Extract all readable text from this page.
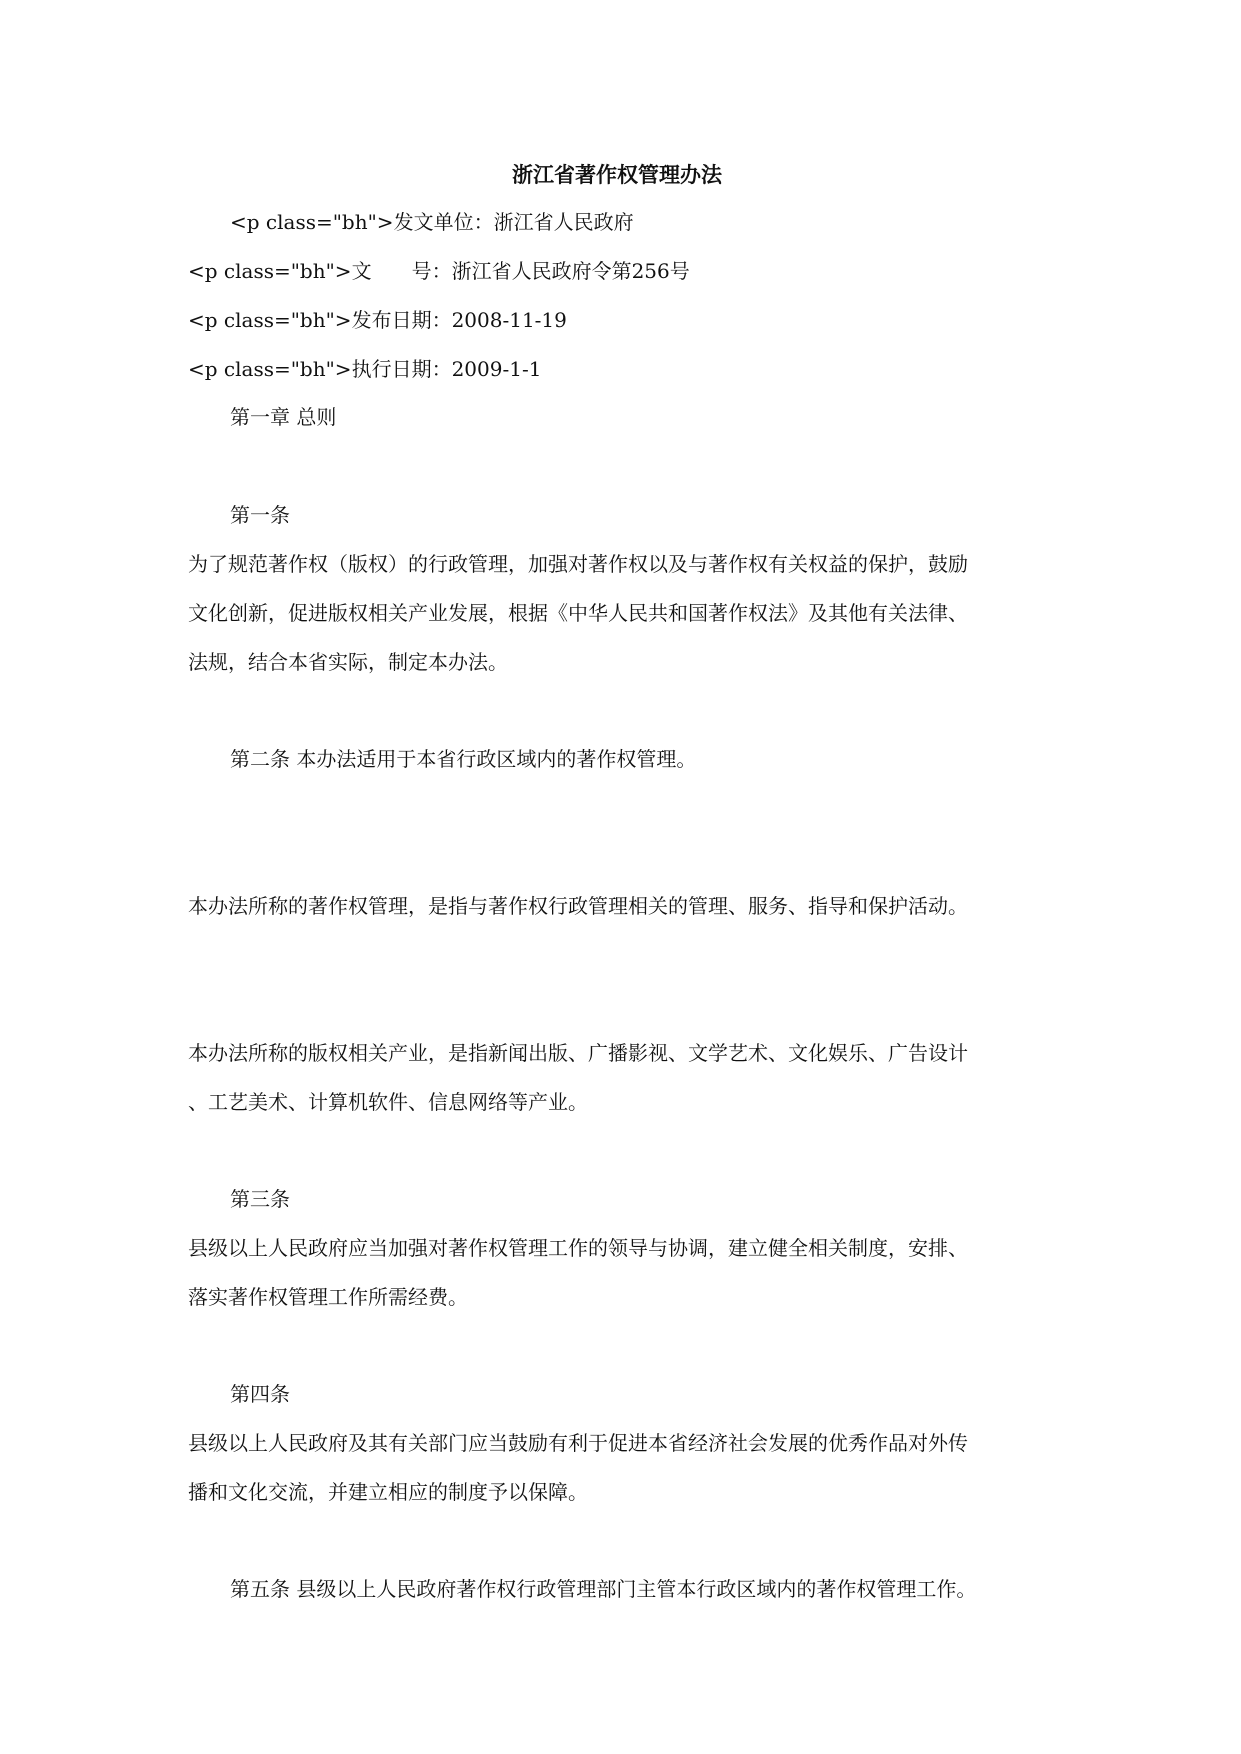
浙江省著作权管理办法
<p class="bh">发文单位：浙江省人民政府
<p class="bh">文　　号：浙江省人民政府令第256号
<p class="bh">发布日期：2008-11-19
<p class="bh">执行日期：2009-1-1
第一章 总则
第一条
为了规范著作权（版权）的行政管理，加强对著作权以及与著作权有关权益的保护，鼓励
文化创新，促进版权相关产业发展，根据《中华人民共和国著作权法》及其他有关法律、
法规，结合本省实际，制定本办法。
第二条 本办法适用于本省行政区域内的著作权管理。
本办法所称的著作权管理，是指与著作权行政管理相关的管理、服务、指导和保护活动。
本办法所称的版权相关产业，是指新闻出版、广播影视、文学艺术、文化娱乐、广告设计
、工艺美术、计算机软件、信息网络等产业。
第三条
县级以上人民政府应当加强对著作权管理工作的领导与协调，建立健全相关制度，安排、
落实著作权管理工作所需经费。
第四条
县级以上人民政府及其有关部门应当鼓励有利于促进本省经济社会发展的优秀作品对外传
播和文化交流，并建立相应的制度予以保障。
第五条 县级以上人民政府著作权行政管理部门主管本行政区域内的著作权管理工作。
